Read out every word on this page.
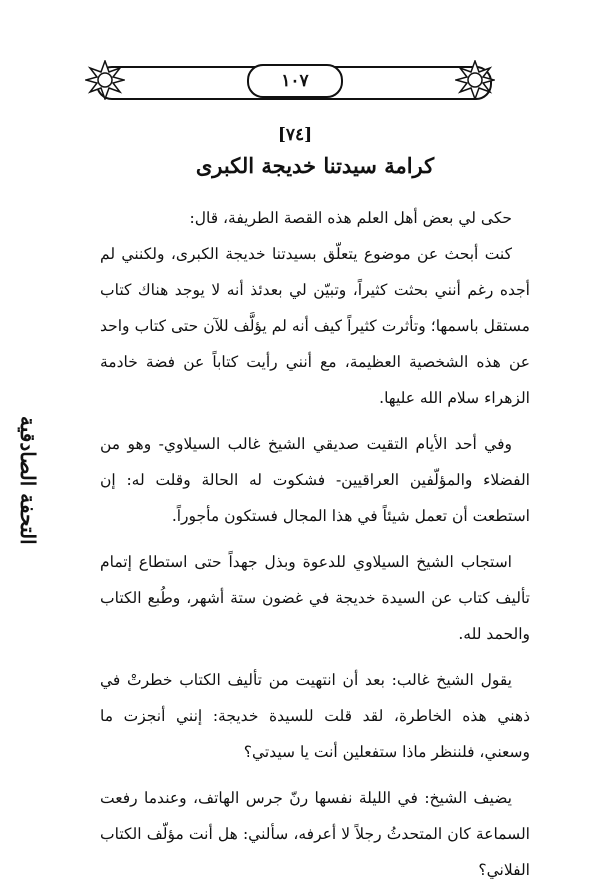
١٠٧
[٧٤]
كرامة سيدتنا خديجة الكبرى
التحفة الصادقية

حكى لي بعض أهل العلم هذه القصة الطريفة، قال:

كنت أبحث عن موضوع يتعلّق بسيدتنا خديجة الكبرى، ولكنني لم أجده رغم أنني بحثت كثيراً، وتبيّن لي بعدئذ أنه لا يوجد هناك كتاب مستقل باسمها؛ وتأثرت كثيراً كيف أنه لم يؤلَّف للآن حتى كتاب واحد عن هذه الشخصية العظيمة، مع أنني رأيت كتاباً عن فضة خادمة الزهراء سلام الله عليها.

وفي أحد الأيام التقيت صديقي الشيخ غالب السيلاوي- وهو من الفضلاء والمؤلّفين العراقيين- فشكوت له الحالة وقلت له: إن استطعت أن تعمل شيئاً في هذا المجال فستكون مأجوراً.

استجاب الشيخ السيلاوي للدعوة وبذل جهداً حتى استطاع إتمام تأليف كتاب عن السيدة خديجة في غضون ستة أشهر، وطُبع الكتاب والحمد لله.

يقول الشيخ غالب: بعد أن انتهيت من تأليف الكتاب خطرتْ في ذهني هذه الخاطرة، لقد قلت للسيدة خديجة: إنني أنجزت ما وسعني، فلننظر ماذا ستفعلين أنت يا سيدتي؟

يضيف الشيخ: في الليلة نفسها رنّ جرس الهاتف، وعندما رفعت السماعة كان المتحدثُ رجلاً لا أعرفه، سألني: هل أنت مؤلّف الكتاب الفلاني؟
